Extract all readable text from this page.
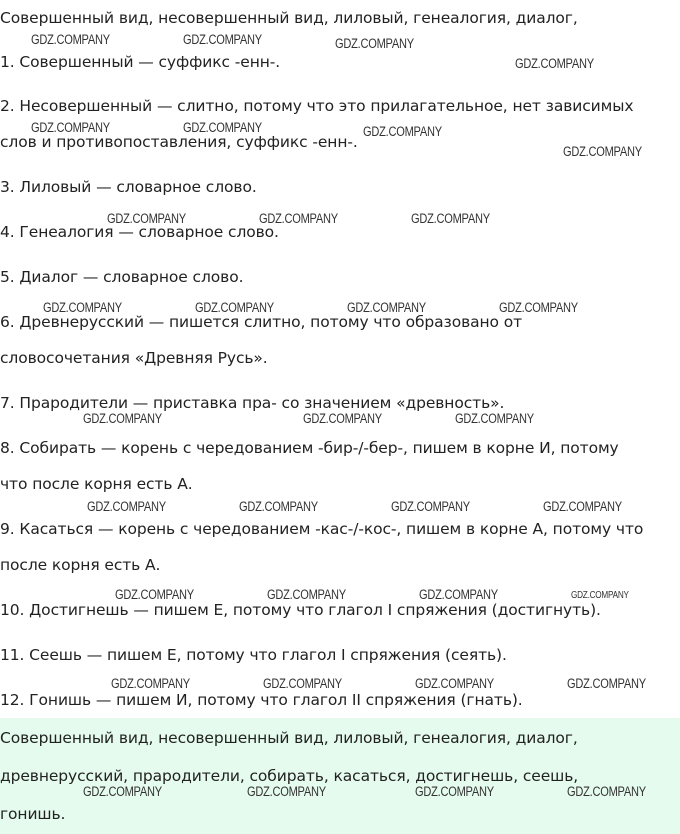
Совершенный вид, несовершенный вид, лиловый, генеалогия, диалог,
1. Совершенный — суффикс -енн-.
2. Несовершенный — слитно, потому что это прилагательное, нет зависимых
слов и противопоставления, суффикс -енн-.
3. Лиловый — словарное слово.
4. Генеалогия — словарное слово.
5. Диалог — словарное слово.
6. Древнерусский — пишется слитно, потому что образовано от
словосочетания «Древняя Русь».
7. Прародители — приставка пра- со значением «древность».
8. Собирать — корень с чередованием -бир-/-бер-, пишем в корне И, потому
что после корня есть А.
9. Касаться — корень с чередованием -кас-/-кос-, пишем в корне А, потому что
после корня есть А.
10. Достигнешь — пишем Е, потому что глагол I спряжения (достигнуть).
11. Сеешь — пишем Е, потому что глагол I спряжения (сеять).
12. Гонишь — пишем И, потому что глагол II спряжения (гнать).
Совершенный вид, несовершенный вид, лиловый, генеалогия, диалог,
древнерусский, прародители, собирать, касаться, достигнешь, сеешь,
гонишь.
GDZ.COMPANY	GDZ.COMPANY	GDZ.COMPANY
GDZ.COMPANY
GDZ.COMPANY	GDZ.COMPANY	GDZ.COMPANY
GDZ.COMPANY
GDZ.COMPANY	GDZ.COMPANY	GDZ.COMPANY
GDZ.COMPANY	GDZ.COMPANY	GDZ.COMPANY	GDZ.COMPANY
GDZ.COMPANY	GDZ.COMPANY	GDZ.COMPANY
GDZ.COMPANY	GDZ.COMPANY	GDZ.COMPANY	GDZ.COMPANY
GDZ.COMPANY	GDZ.COMPANY	GDZ.COMPANY	GDZ.COMPANY
GDZ.COMPANY	GDZ.COMPANY	GDZ.COMPANY	GDZ.COMPANY
GDZ.COMPANY	GDZ.COMPANY	GDZ.COMPANY	GDZ.COMPANY
